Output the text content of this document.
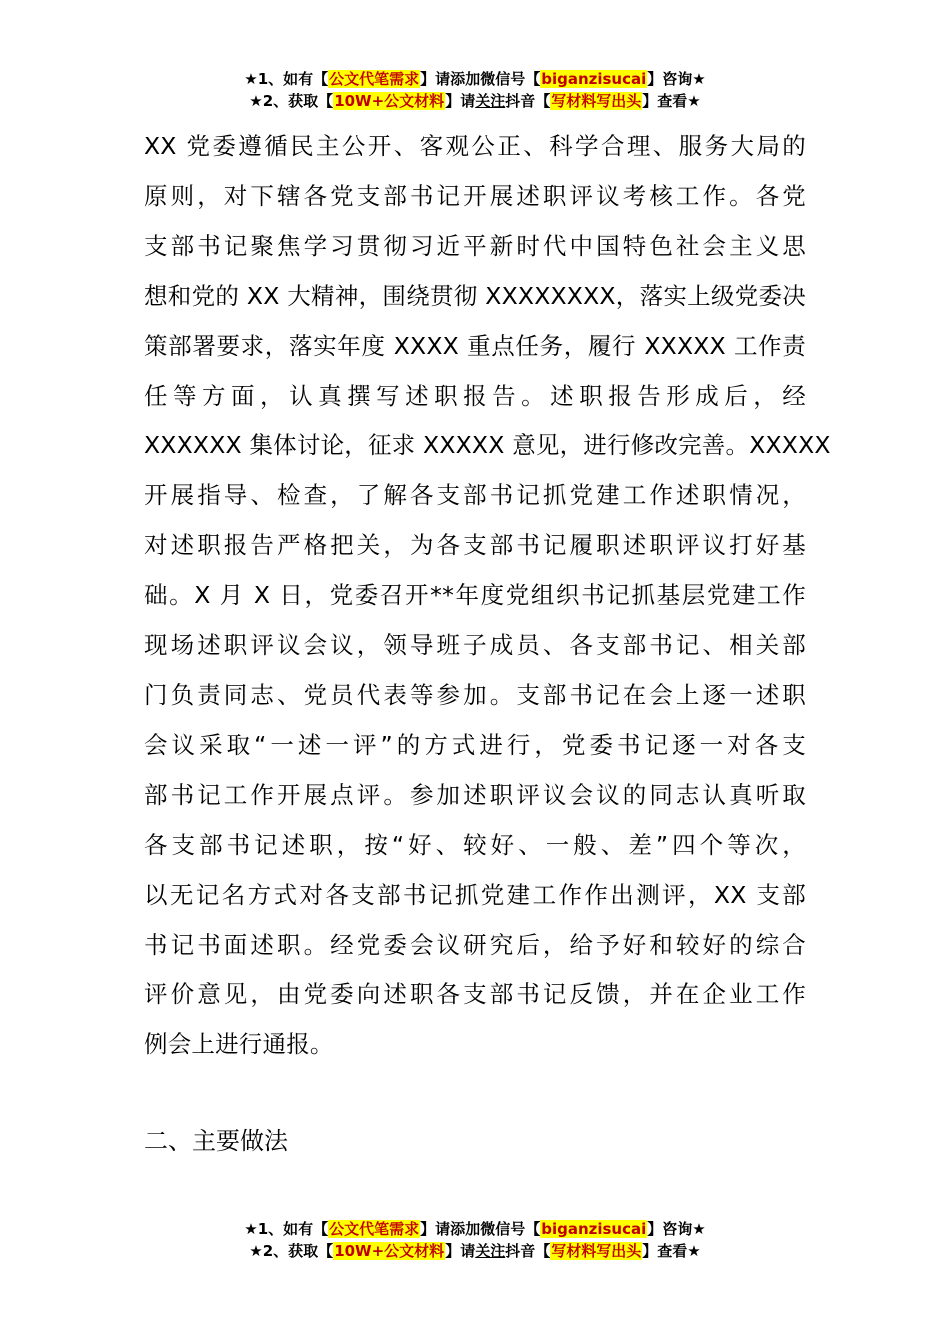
★1、如有【公文代笔需求】请添加微信号【biganzisucai】咨询★
★2、获取【10W+公文材料】请关注抖音【写材料写出头】查看★
XX 党委遵循民主公开、客观公正、科学合理、服务大局的
原则，对下辖各党支部书记开展述职评议考核工作。各党
支部书记聚焦学习贯彻习近平新时代中国特色社会主义思
想和党的 XX 大精神，围绕贯彻 XXXXXXXX，落实上级党委决
策部署要求，落实年度 XXXX 重点任务，履行 XXXXX 工作责
任等方面，认真撰写述职报告。述职报告形成后，经
XXXXXX 集体讨论，征求 XXXXX 意见，进行修改完善。XXXXX
开展指导、检查，了解各支部书记抓党建工作述职情况，
对述职报告严格把关，为各支部书记履职述职评议打好基
础。X 月 X 日，党委召开**年度党组织书记抓基层党建工作
现场述职评议会议，领导班子成员、各支部书记、相关部
门负责同志、党员代表等参加。支部书记在会上逐一述职
会议采取“一述一评”的方式进行，党委书记逐一对各支
部书记工作开展点评。参加述职评议会议的同志认真听取
各支部书记述职，按“好、较好、一般、差”四个等次，
以无记名方式对各支部书记抓党建工作作出测评，XX 支部
书记书面述职。经党委会议研究后，给予好和较好的综合
评价意见，由党委向述职各支部书记反馈，并在企业工作
例会上进行通报。
二、主要做法
★1、如有【公文代笔需求】请添加微信号【biganzisucai】咨询★
★2、获取【10W+公文材料】请关注抖音【写材料写出头】查看★
